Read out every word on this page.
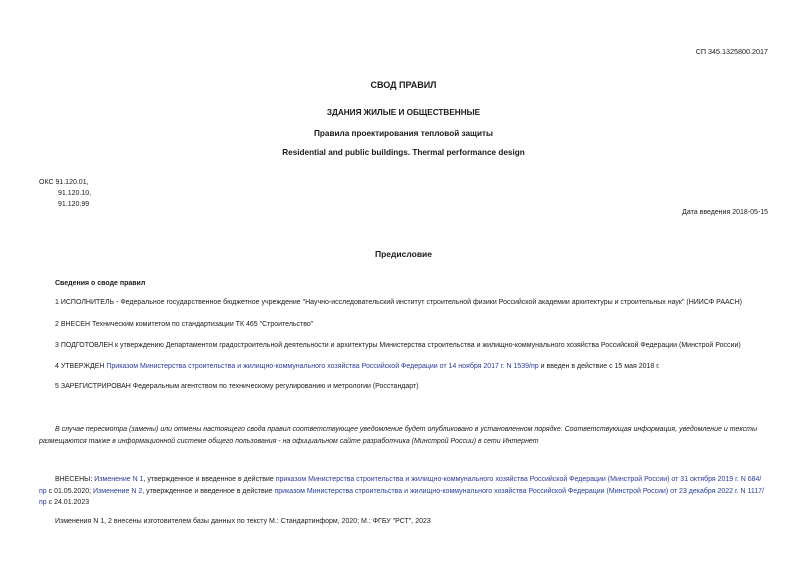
СП 345.1325800.2017
СВОД ПРАВИЛ
ЗДАНИЯ ЖИЛЫЕ И ОБЩЕСТВЕННЫЕ
Правила проектирования тепловой защиты
Residential and public buildings. Thermal performance design
ОКС 91.120.01,
91.120.10,
91.120.99
Дата введения 2018-05-15
Предисловие
Сведения о своде правил
1 ИСПОЛНИТЕЛЬ - Федеральное государственное бюджетное учреждение "Научно-исследовательский институт строительной физики Российской академии архитектуры и строительных наук" (НИИСФ РААСН)
2 ВНЕСЕН Техническим комитетом по стандартизации ТК 465 "Строительство"
3 ПОДГОТОВЛЕН к утверждению Департаментом градостроительной деятельности и архитектуры Министерства строительства и жилищно-коммунального хозяйства Российской Федерации (Минстрой России)
4 УТВЕРЖДЕН Приказом Министерства строительства и жилищно-коммунального хозяйства Российской Федерации от 14 ноября 2017 г. N 1539/пр и введен в действие с 15 мая 2018 г.
5 ЗАРЕГИСТРИРОВАН Федеральным агентством по техническому регулированию и метрологии (Росстандарт)
В случае пересмотра (замены) или отмены настоящего свода правил соответствующее уведомление будет опубликовано в установленном порядке. Соответствующая информация, уведомление и тексты размещаются также в информационной системе общего пользования - на официальном сайте разработчика (Минстрой России) в сети Интернет
ВНЕСЕНЫ: Изменение N 1, утвержденное и введенное в действие приказом Министерства строительства и жилищно-коммунального хозяйства Российской Федерации (Минстрой России) от 31 октября 2019 г. N 684/пр с 01.05.2020; Изменение N 2, утвержденное и введенное в действие приказом Министерства строительства и жилищно-коммунального хозяйства Российской Федерации (Минстрой России) от 23 декабря 2022 г. N 1117/пр с 24.01.2023
Изменения N 1, 2 внесены изготовителем базы данных по тексту М.: Стандартинформ, 2020; М.: ФГБУ "РСТ", 2023
